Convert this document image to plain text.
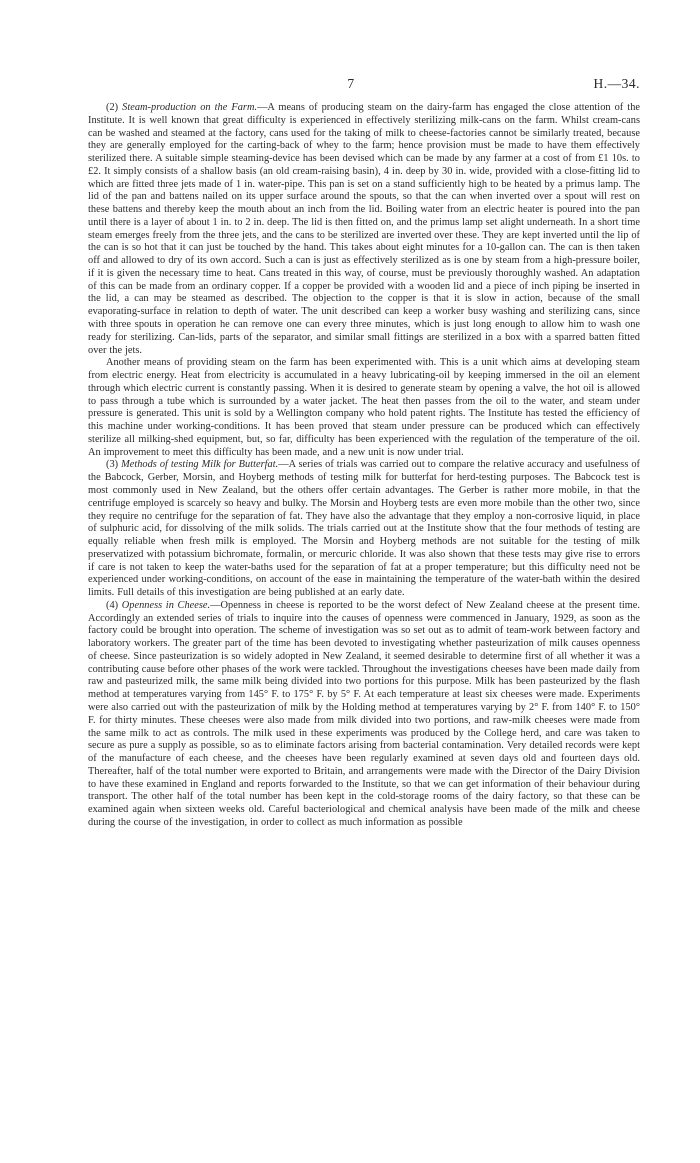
7	H.—34.

(2) Steam-production on the Farm.—A means of producing steam on the dairy-farm has engaged the close attention of the Institute. It is well known that great difficulty is experienced in effectively sterilizing milk-cans on the farm. Whilst cream-cans can be washed and steamed at the factory, cans used for the taking of milk to cheese-factories cannot be similarly treated, because they are generally employed for the carting-back of whey to the farm; hence provision must be made to have them effectively sterilized there. A suitable simple steaming-device has been devised which can be made by any farmer at a cost of from £1 10s. to £2. It simply consists of a shallow basis (an old cream-raising basin), 4 in. deep by 30 in. wide, provided with a close-fitting lid to which are fitted three jets made of 1 in. water-pipe. This pan is set on a stand sufficiently high to be heated by a primus lamp. The lid of the pan and battens nailed on its upper surface around the spouts, so that the can when inverted over a spout will rest on these battens and thereby keep the mouth about an inch from the lid. Boiling water from an electric heater is poured into the pan until there is a layer of about 1 in. to 2 in. deep. The lid is then fitted on, and the primus lamp set alight underneath. In a short time steam emerges freely from the three jets, and the cans to be sterilized are inverted over these. They are kept inverted until the lip of the can is so hot that it can just be touched by the hand. This takes about eight minutes for a 10-gallon can. The can is then taken off and allowed to dry of its own accord. Such a can is just as effectively sterilized as is one by steam from a high-pressure boiler, if it is given the necessary time to heat. Cans treated in this way, of course, must be previously thoroughly washed. An adaptation of this can be made from an ordinary copper. If a copper be provided with a wooden lid and a piece of inch piping be inserted in the lid, a can may be steamed as described. The objection to the copper is that it is slow in action, because of the small evaporating-surface in relation to depth of water. The unit described can keep a worker busy washing and sterilizing cans, since with three spouts in operation he can remove one can every three minutes, which is just long enough to allow him to wash one ready for sterilizing. Can-lids, parts of the separator, and similar small fittings are sterilized in a box with a sparred batten fitted over the jets.

Another means of providing steam on the farm has been experimented with. This is a unit which aims at developing steam from electric energy. Heat from electricity is accumulated in a heavy lubricating-oil by keeping immersed in the oil an element through which electric current is constantly passing. When it is desired to generate steam by opening a valve, the hot oil is allowed to pass through a tube which is surrounded by a water jacket. The heat then passes from the oil to the water, and steam under pressure is generated. This unit is sold by a Wellington company who hold patent rights. The Institute has tested the efficiency of this machine under working-conditions. It has been proved that steam under pressure can be produced which can effectively sterilize all milking-shed equipment, but, so far, difficulty has been experienced with the regulation of the temperature of the oil. An improvement to meet this difficulty has been made, and a new unit is now under trial.

(3) Methods of testing Milk for Butterfat.—A series of trials was carried out to compare the relative accuracy and usefulness of the Babcock, Gerber, Morsin, and Hoyberg methods of testing milk for butterfat for herd-testing purposes. The Babcock test is most commonly used in New Zealand, but the others offer certain advantages. The Gerber is rather more mobile, in that the centrifuge employed is scarcely so heavy and bulky. The Morsin and Hoyberg tests are even more mobile than the other two, since they require no centrifuge for the separation of fat. They have also the advantage that they employ a non-corrosive liquid, in place of sulphuric acid, for dissolving of the milk solids. The trials carried out at the Institute show that the four methods of testing are equally reliable when fresh milk is employed. The Morsin and Hoyberg methods are not suitable for the testing of milk preservatized with potassium bichromate, formalin, or mercuric chloride. It was also shown that these tests may give rise to errors if care is not taken to keep the water-baths used for the separation of fat at a proper temperature; but this difficulty need not be experienced under working-conditions, on account of the ease in maintaining the temperature of the water-bath within the desired limits. Full details of this investigation are being published at an early date.

(4) Openness in Cheese.—Openness in cheese is reported to be the worst defect of New Zealand cheese at the present time. Accordingly an extended series of trials to inquire into the causes of openness were commenced in January, 1929, as soon as the factory could be brought into operation. The scheme of investigation was so set out as to admit of team-work between factory and laboratory workers. The greater part of the time has been devoted to investigating whether pasteurization of milk causes openness of cheese. Since pasteurization is so widely adopted in New Zealand, it seemed desirable to determine first of all whether it was a contributing cause before other phases of the work were tackled. Throughout the investigations cheeses have been made daily from raw and pasteurized milk, the same milk being divided into two portions for this purpose. Milk has been pasteurized by the flash method at temperatures varying from 145° F. to 175° F. by 5° F. At each temperature at least six cheeses were made. Experiments were also carried out with the pasteurization of milk by the Holding method at temperatures varying by 2° F. from 140° F. to 150° F. for thirty minutes. These cheeses were also made from milk divided into two portions, and raw-milk cheeses were made from the same milk to act as controls. The milk used in these experiments was produced by the College herd, and care was taken to secure as pure a supply as possible, so as to eliminate factors arising from bacterial contamination. Very detailed records were kept of the manufacture of each cheese, and the cheeses have been regularly examined at seven days old and fourteen days old. Thereafter, half of the total number were exported to Britain, and arrangements were made with the Director of the Dairy Division to have these examined in England and reports forwarded to the Institute, so that we can get information of their behaviour during transport. The other half of the total number has been kept in the cold-storage rooms of the dairy factory, so that these can be examined again when sixteen weeks old. Careful bacteriological and chemical analysis have been made of the milk and cheese during the course of the investigation, in order to collect as much information as possible
